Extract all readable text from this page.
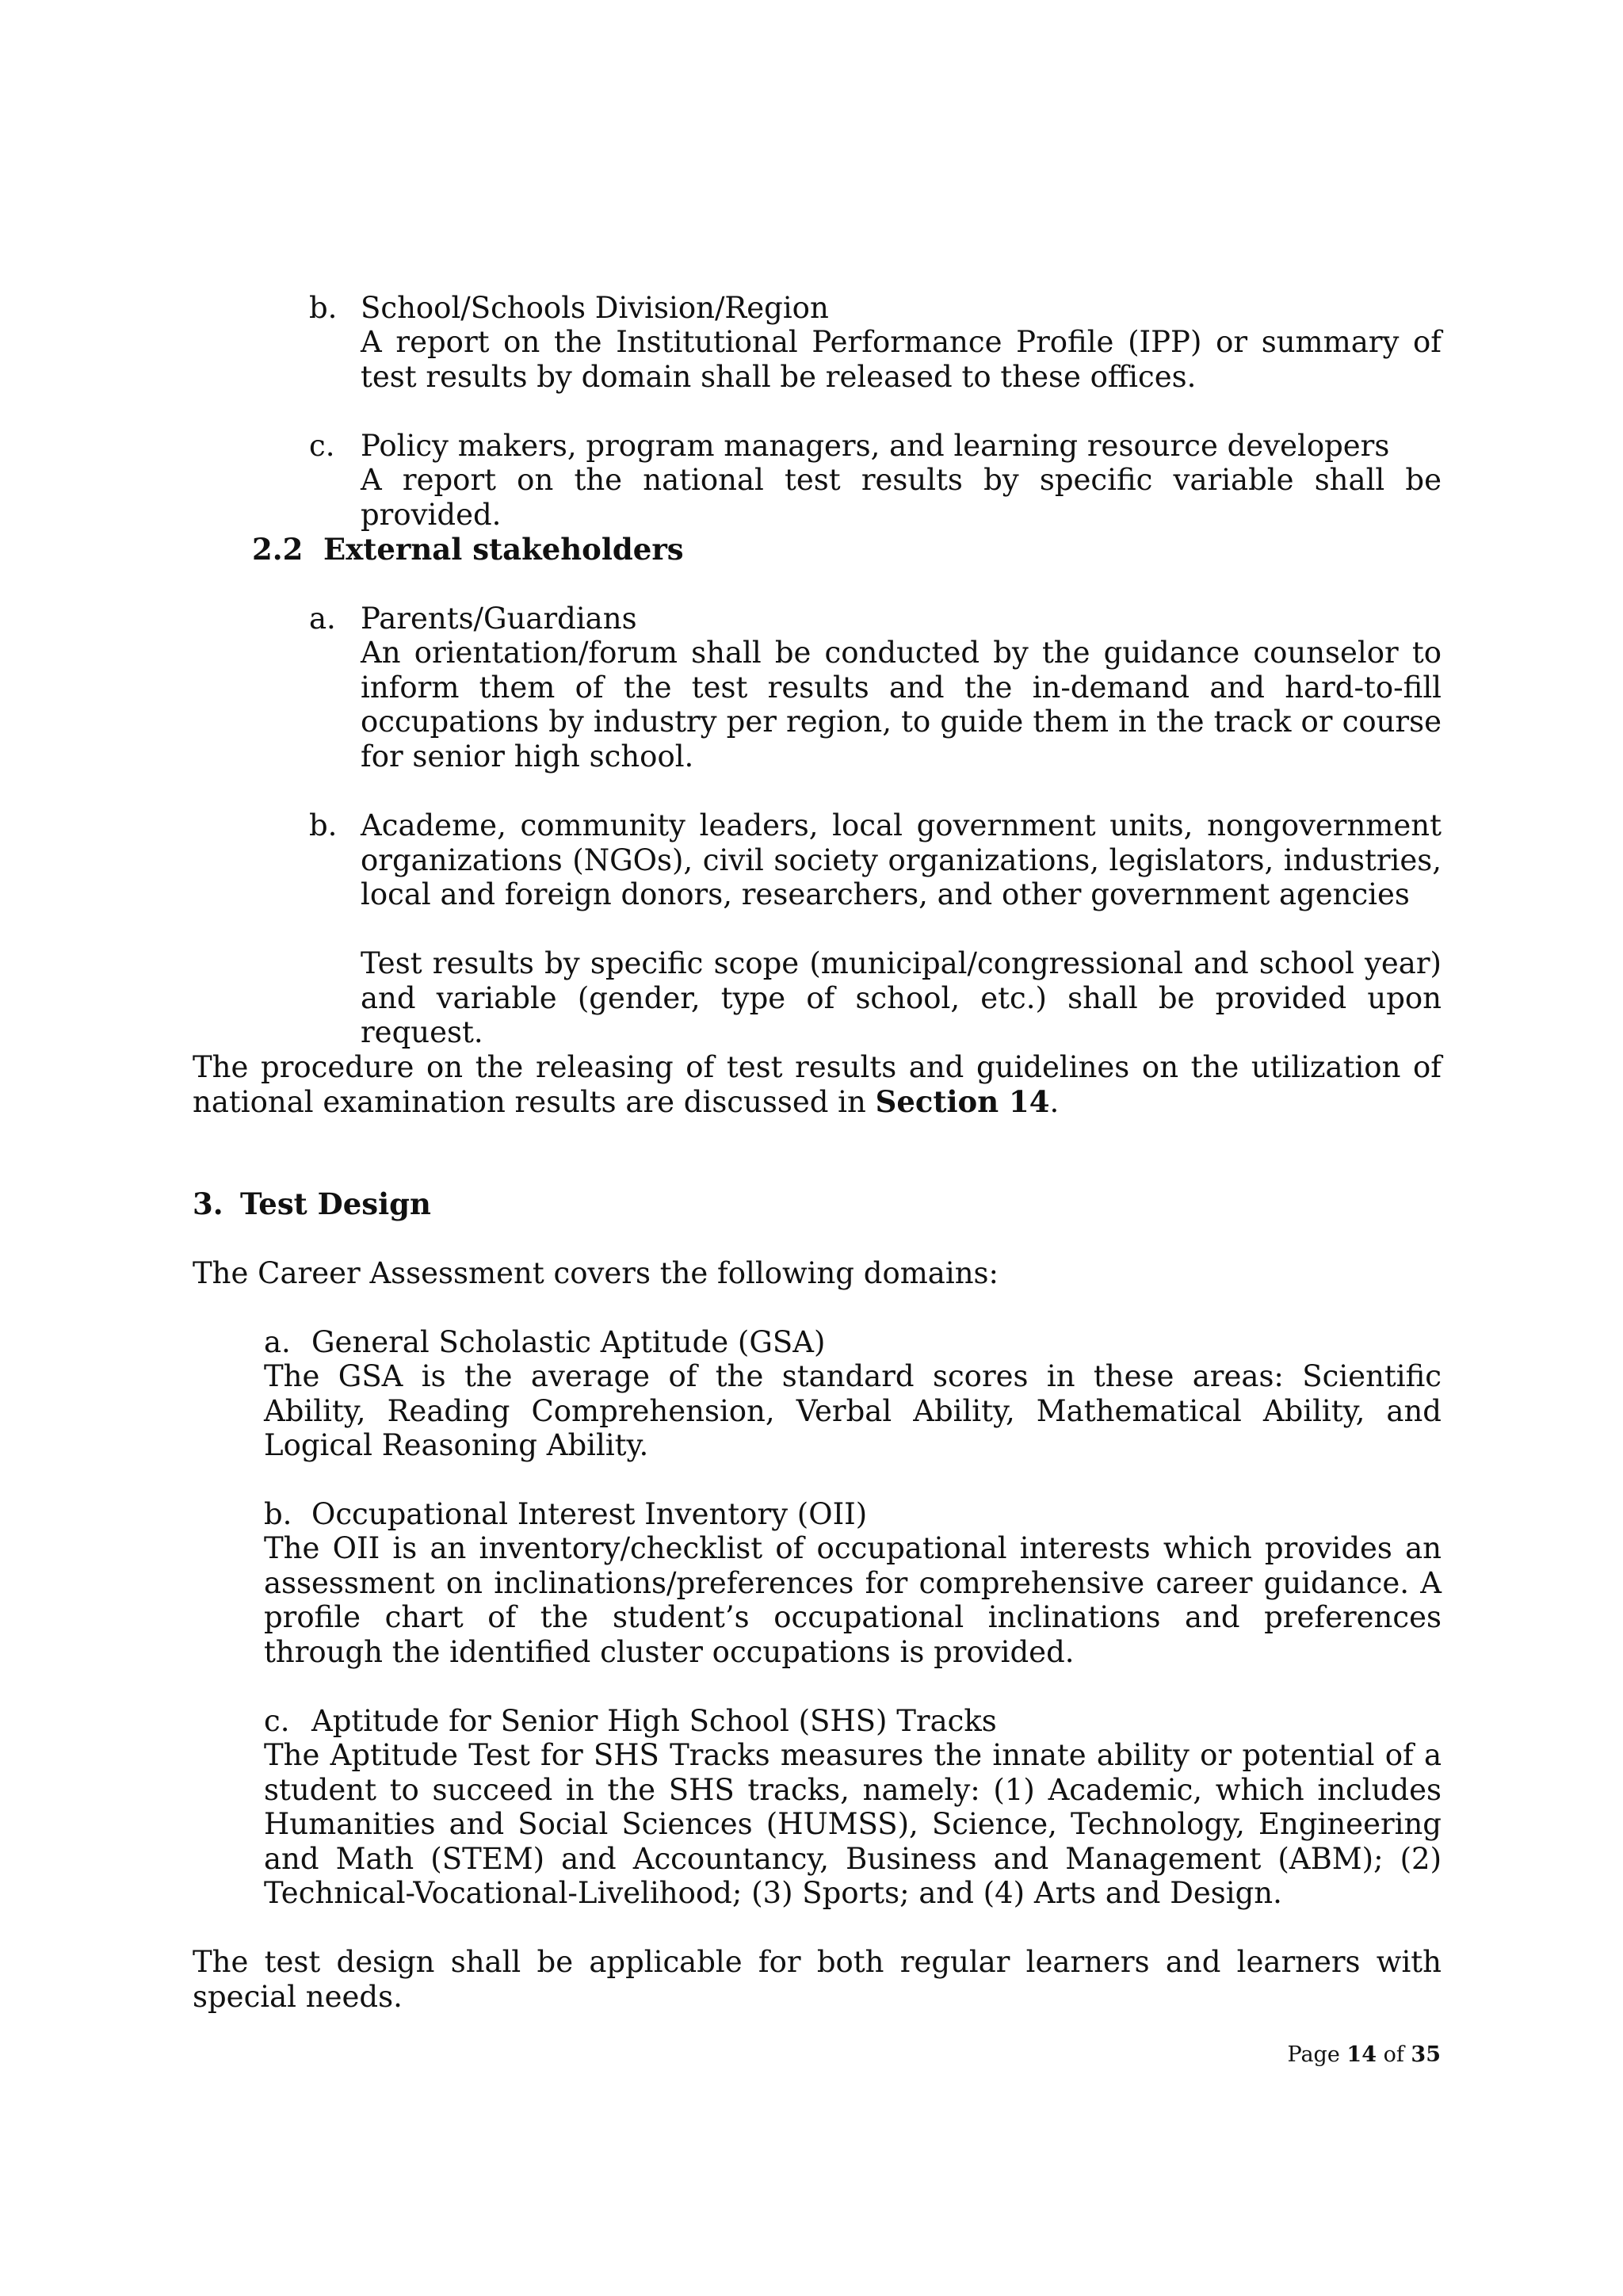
b. School/Schools Division/Region
A report on the Institutional Performance Profile (IPP) or summary of test results by domain shall be released to these offices.
c. Policy makers, program managers, and learning resource developers
A report on the national test results by specific variable shall be provided.
2.2 External stakeholders
a. Parents/Guardians
An orientation/forum shall be conducted by the guidance counselor to inform them of the test results and the in-demand and hard-to-fill occupations by industry per region, to guide them in the track or course for senior high school.
b. Academe, community leaders, local government units, nongovernment organizations (NGOs), civil society organizations, legislators, industries, local and foreign donors, researchers, and other government agencies
Test results by specific scope (municipal/congressional and school year) and variable (gender, type of school, etc.) shall be provided upon request.
The procedure on the releasing of test results and guidelines on the utilization of national examination results are discussed in Section 14.
3. Test Design
The Career Assessment covers the following domains:
a. General Scholastic Aptitude (GSA)
The GSA is the average of the standard scores in these areas: Scientific Ability, Reading Comprehension, Verbal Ability, Mathematical Ability, and Logical Reasoning Ability.
b. Occupational Interest Inventory (OII)
The OII is an inventory/checklist of occupational interests which provides an assessment on inclinations/preferences for comprehensive career guidance. A profile chart of the student’s occupational inclinations and preferences through the identified cluster occupations is provided.
c. Aptitude for Senior High School (SHS) Tracks
The Aptitude Test for SHS Tracks measures the innate ability or potential of a student to succeed in the SHS tracks, namely: (1) Academic, which includes Humanities and Social Sciences (HUMSS), Science, Technology, Engineering and Math (STEM) and Accountancy, Business and Management (ABM); (2) Technical-Vocational-Livelihood; (3) Sports; and (4) Arts and Design.
The test design shall be applicable for both regular learners and learners with special needs.
Page 14 of 35
